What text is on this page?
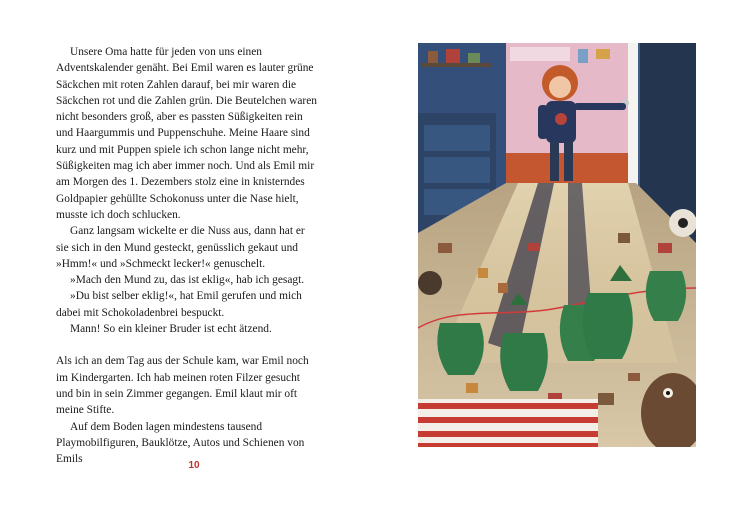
Unsere Oma hatte für jeden von uns einen Adventskalender genäht. Bei Emil waren es lauter grüne Säckchen mit roten Zahlen darauf, bei mir waren die Säckchen rot und die Zahlen grün. Die Beutelchen waren nicht besonders groß, aber es passten Süßigkeiten rein und Haargummis und Puppenschuhe. Meine Haare sind kurz und mit Puppen spiele ich schon lange nicht mehr, Süßigkeiten mag ich aber immer noch. Und als Emil mir am Morgen des 1. Dezembers stolz eine in knisterndes Goldpapier gehüllte Schokonuss unter die Nase hielt, musste ich doch schlucken.

Ganz langsam wickelte er die Nuss aus, dann hat er sie sich in den Mund gesteckt, genüsslich gekaut und »Hmm!« und »Schmeckt lecker!« genuschelt.

»Mach den Mund zu, das ist eklig«, hab ich gesagt.

»Du bist selber eklig!«, hat Emil gerufen und mich dabei mit Schokoladenbrei bespuckt.

Mann! So ein kleiner Bruder ist echt ätzend.

Als ich an dem Tag aus der Schule kam, war Emil noch im Kindergarten. Ich hab meinen roten Filzer gesucht und bin in sein Zimmer gegangen. Emil klaut mir oft meine Stifte.

Auf dem Boden lagen mindestens tausend Playmobilfiguren, Bauklötze, Autos und Schienen von Emils

10
